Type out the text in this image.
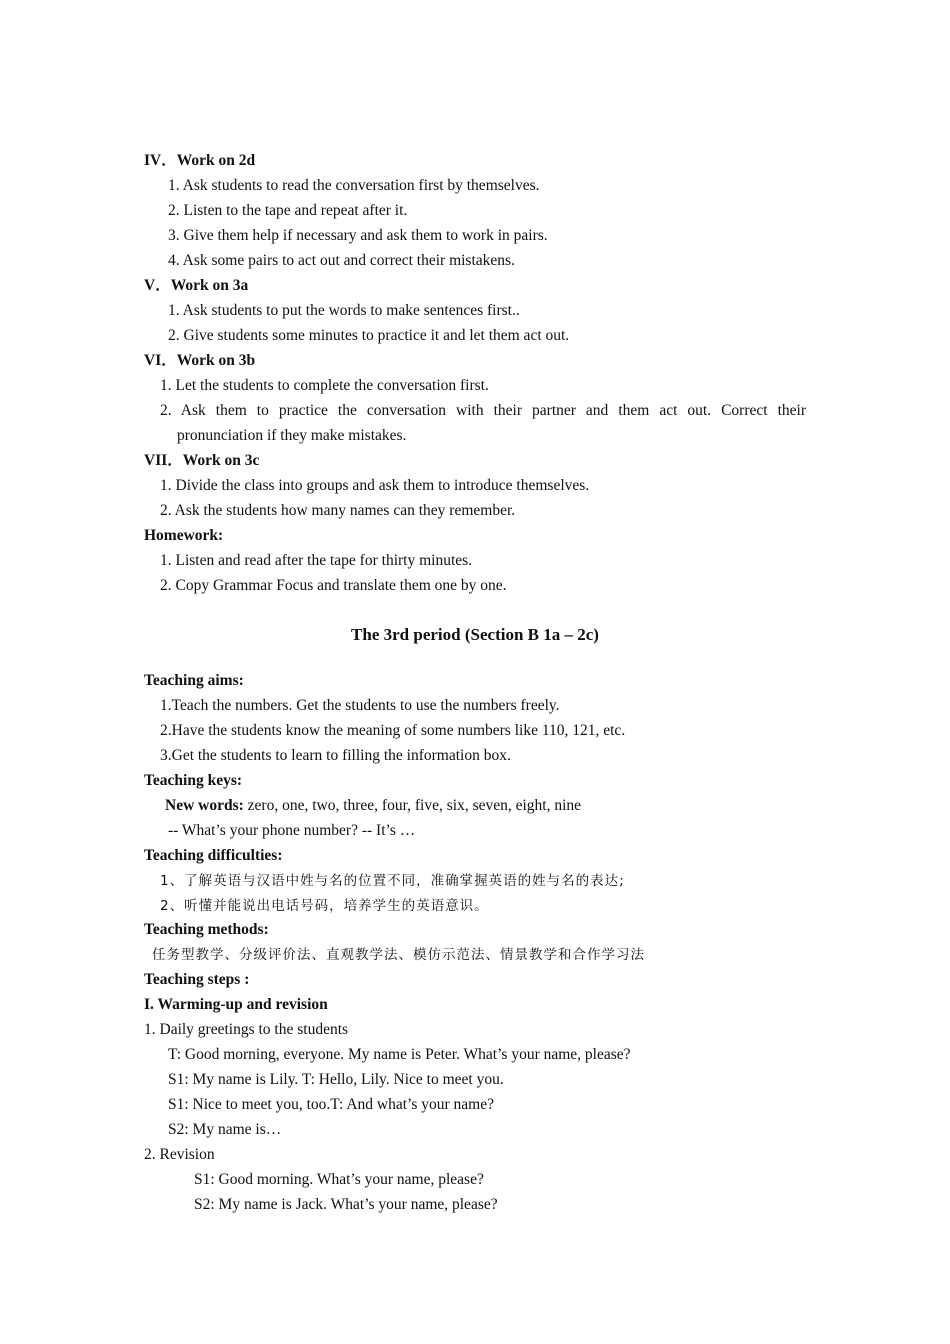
IV．Work on 2d
1. Ask students to read the conversation first by themselves.
2. Listen to the tape and repeat after it.
3. Give them help if necessary and ask them to work in pairs.
4. Ask some pairs to act out and correct their mistakens.
V．Work on 3a
1. Ask students to put the words to make sentences first..
2. Give students some minutes to practice it and let them act out.
VI．Work on 3b
1. Let the students to complete the conversation first.
2. Ask them to practice the conversation with their partner and them act out. Correct their
pronunciation if they make mistakes.
VII．Work on 3c
1. Divide the class into groups and ask them to introduce themselves.
2. Ask the students how many names can they remember.
Homework:
1. Listen and read after the tape for thirty minutes.
2. Copy Grammar Focus and translate them one by one.
The 3rd period (Section B 1a – 2c)
Teaching aims:
1.Teach the numbers. Get the students to use the numbers freely.
2.Have the students know the meaning of some numbers like 110, 121, etc.
3.Get the students to learn to filling the information box.
Teaching keys:
New words: zero, one, two, three, four, five, six, seven, eight, nine
-- What’s your phone number? -- It’s …
Teaching difficulties:
1、了解英语与汉语中姓与名的位置不同，准确掌握英语的姓与名的表达;
2、听懂并能说出电话号码，培养学生的英语意识。
Teaching methods:
任务型教学、分级评价法、直观教学法、模仿示范法、情景教学和合作学习法
Teaching steps :
I. Warming-up and revision
1. Daily greetings to the students
T: Good morning, everyone. My name is Peter. What’s your name, please?
S1: My name is Lily. T: Hello, Lily. Nice to meet you.
S1: Nice to meet you, too.T: And what’s your name?
S2: My name is…
2. Revision
S1: Good morning. What’s your name, please?
S2: My name is Jack. What’s your name, please?
